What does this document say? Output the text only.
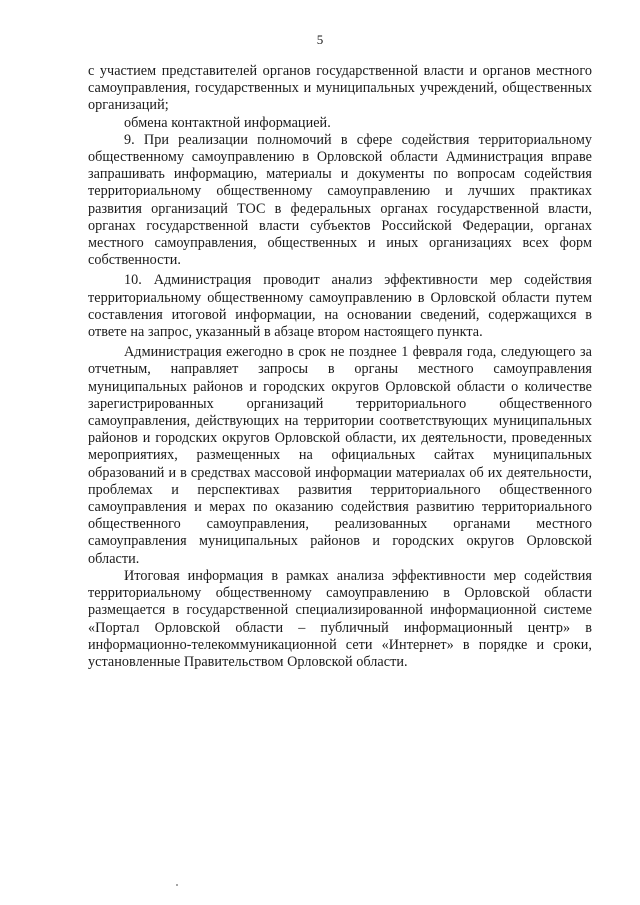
5

с участием представителей органов государственной власти и органов местного самоуправления, государственных и муниципальных учреждений, общественных организаций;

обмена контактной информацией.

9. При реализации полномочий в сфере содействия территориальному общественному самоуправлению в Орловской области Администрация вправе запрашивать информацию, материалы и документы по вопросам содействия территориальному общественному самоуправлению и лучших практиках развития организаций ТОС в федеральных органах государственной власти, органах государственной власти субъектов Российской Федерации, органах местного самоуправления, общественных и иных организациях всех форм собственности.

10. Администрация проводит анализ эффективности мер содействия территориальному общественному самоуправлению в Орловской области путем составления итоговой информации, на основании сведений, содержащихся в ответе на запрос, указанный в абзаце втором настоящего пункта.

Администрация ежегодно в срок не позднее 1 февраля года, следующего за отчетным, направляет запросы в органы местного самоуправления муниципальных районов и городских округов Орловской области о количестве зарегистрированных организаций территориального общественного самоуправления, действующих на территории соответствующих муниципальных районов и городских округов Орловской области, их деятельности, проведенных мероприятиях, размещенных на официальных сайтах муниципальных образований и в средствах массовой информации материалах об их деятельности, проблемах и перспективах развития территориального общественного самоуправления и мерах по оказанию содействия развитию территориального общественного самоуправления, реализованных органами местного самоуправления муниципальных районов и городских округов Орловской области.

Итоговая информация в рамках анализа эффективности мер содействия территориальному общественному самоуправлению в Орловской области размещается в государственной специализированной информационной системе «Портал Орловской области – публичный информационный центр» в информационно-телекоммуникационной сети «Интернет» в порядке и сроки, установленные Правительством Орловской области.
